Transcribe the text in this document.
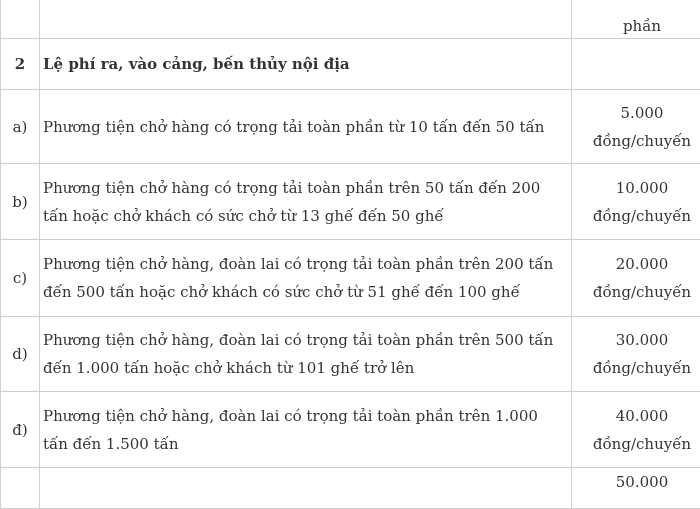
		phần

2	Lệ phí ra, vào cảng, bến thủy nội địa	
a)	Phương tiện chở hàng có trọng tải toàn phần từ 10 tấn đến 50 tấn	5.000
đồng/chuyến

b)	Phương tiện chở hàng có trọng tải toàn phần trên 50 tấn đến 200 tấn hoặc chở khách có sức chở từ 13 ghế đến 50 ghế	10.000
đồng/chuyến

c)	Phương tiện chở hàng, đoàn lai có trọng tải toàn phần trên 200 tấn đến 500 tấn hoặc chở khách có sức chở từ 51 ghế đến 100 ghế	20.000
đồng/chuyến

d)	Phương tiện chở hàng, đoàn lai có trọng tải toàn phần trên 500 tấn đến 1.000 tấn hoặc chở khách từ 101 ghế trở lên	30.000
đồng/chuyến

đ)	Phương tiện chở hàng, đoàn lai có trọng tải toàn phần trên 1.000 tấn đến 1.500 tấn	40.000
đồng/chuyến

		50.000
